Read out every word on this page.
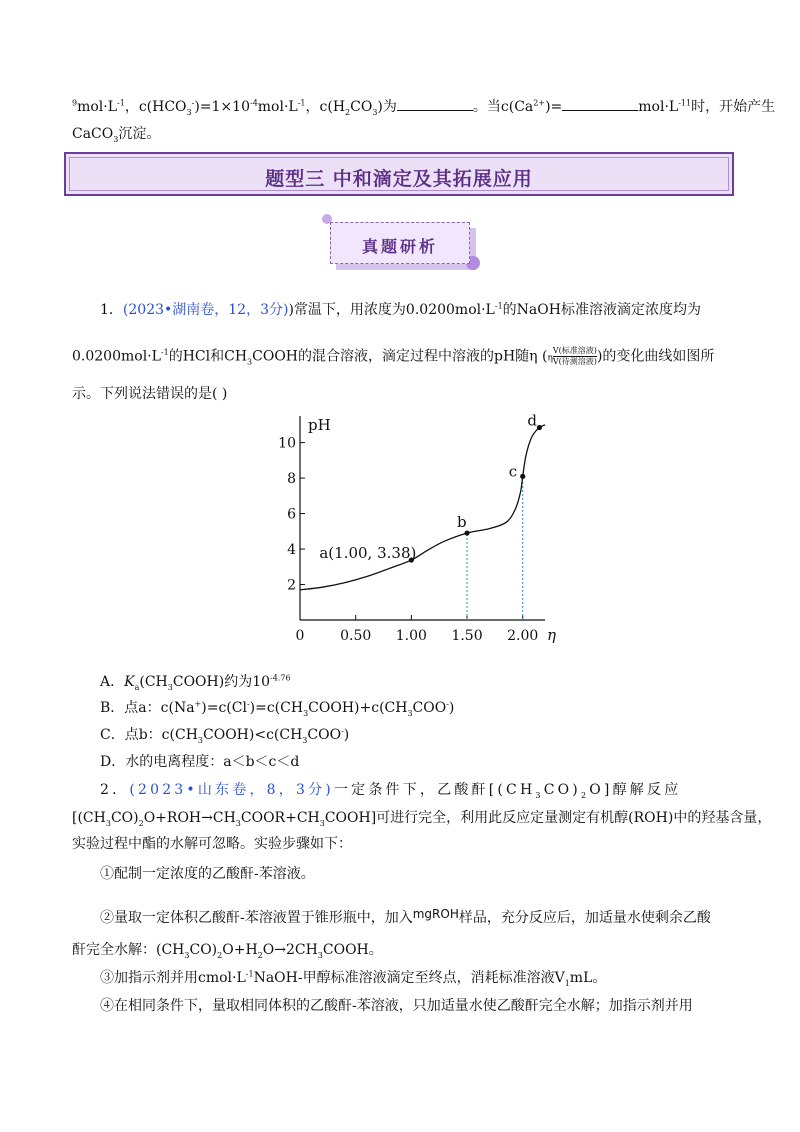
$^9mol\cdot L^{-1}$，$c(HCO_3^-)=1\times 10^{-4}mol\cdot L^{-1}$，$c(H_2CO_3)$为	。当$c(Ca^{2+})=$	$mol\cdot L^{-11}$时，开始产生
CaCO$_3$沉淀。
题型三 中和滴定及其拓展应用
真题研析
1．(2023•湖南卷，12，3分))常温下，用浓度为$0.0200mol\cdot L^{-1}$的NaOH标准溶液滴定浓度均为
$0.0200mol\cdot L^{-1}$的HCl和$CH_3COOH$的混合溶液，滴定过程中溶液的pH随η ($\eta \frac{\text{V(标准溶液)}}{\text{V(待测溶液)}}$ )的变化曲线如图所
示。下列说法错误的是( )
2
4
6
8
10
0	0.50 1.00 1.50 2.00
pH
η
a(1.00, 3.38)
b
c
d
A．$K_a(CH_3COOH)$约为$10^{-4.76}$
B．点a：$c(Na^+)=c(Cl^-)=c(CH_3COOH)+c(CH_3COO^-)$
C．点b：$c(CH_3COOH)<c(CH_3COO^-)$
D．水的电离程度：a＜b＜c＜d
2．(2023•山东卷，8，3分)一定条件下，乙酸酐$[(CH_3CO)_2O]$醇解反应
$[(CH_3CO)_2O+ROH\to CH_3COOR+CH_3COOH]$可进行完全，利用此反应定量测定有机醇(ROH)中的羟基含量，
实验过程中酯的水解可忽略。实验步骤如下：
①配制一定浓度的乙酸酐-苯溶液。
②量取一定体积乙酸酐-苯溶液置于锥形瓶中，加入mgROH样品，充分反应后，加适量水使剩余乙酸
酐完全水解：$(CH_3CO)_2O+H_2O\to 2CH_3COOH$。
③加指示剂并用$cmol\cdot L^{-1}NaOH-$甲醇标准溶液滴定至终点，消耗标准溶液$V_1mL$。
④在相同条件下，量取相同体积的乙酸酐-苯溶液，只加适量水使乙酸酐完全水解；加指示剂并用
